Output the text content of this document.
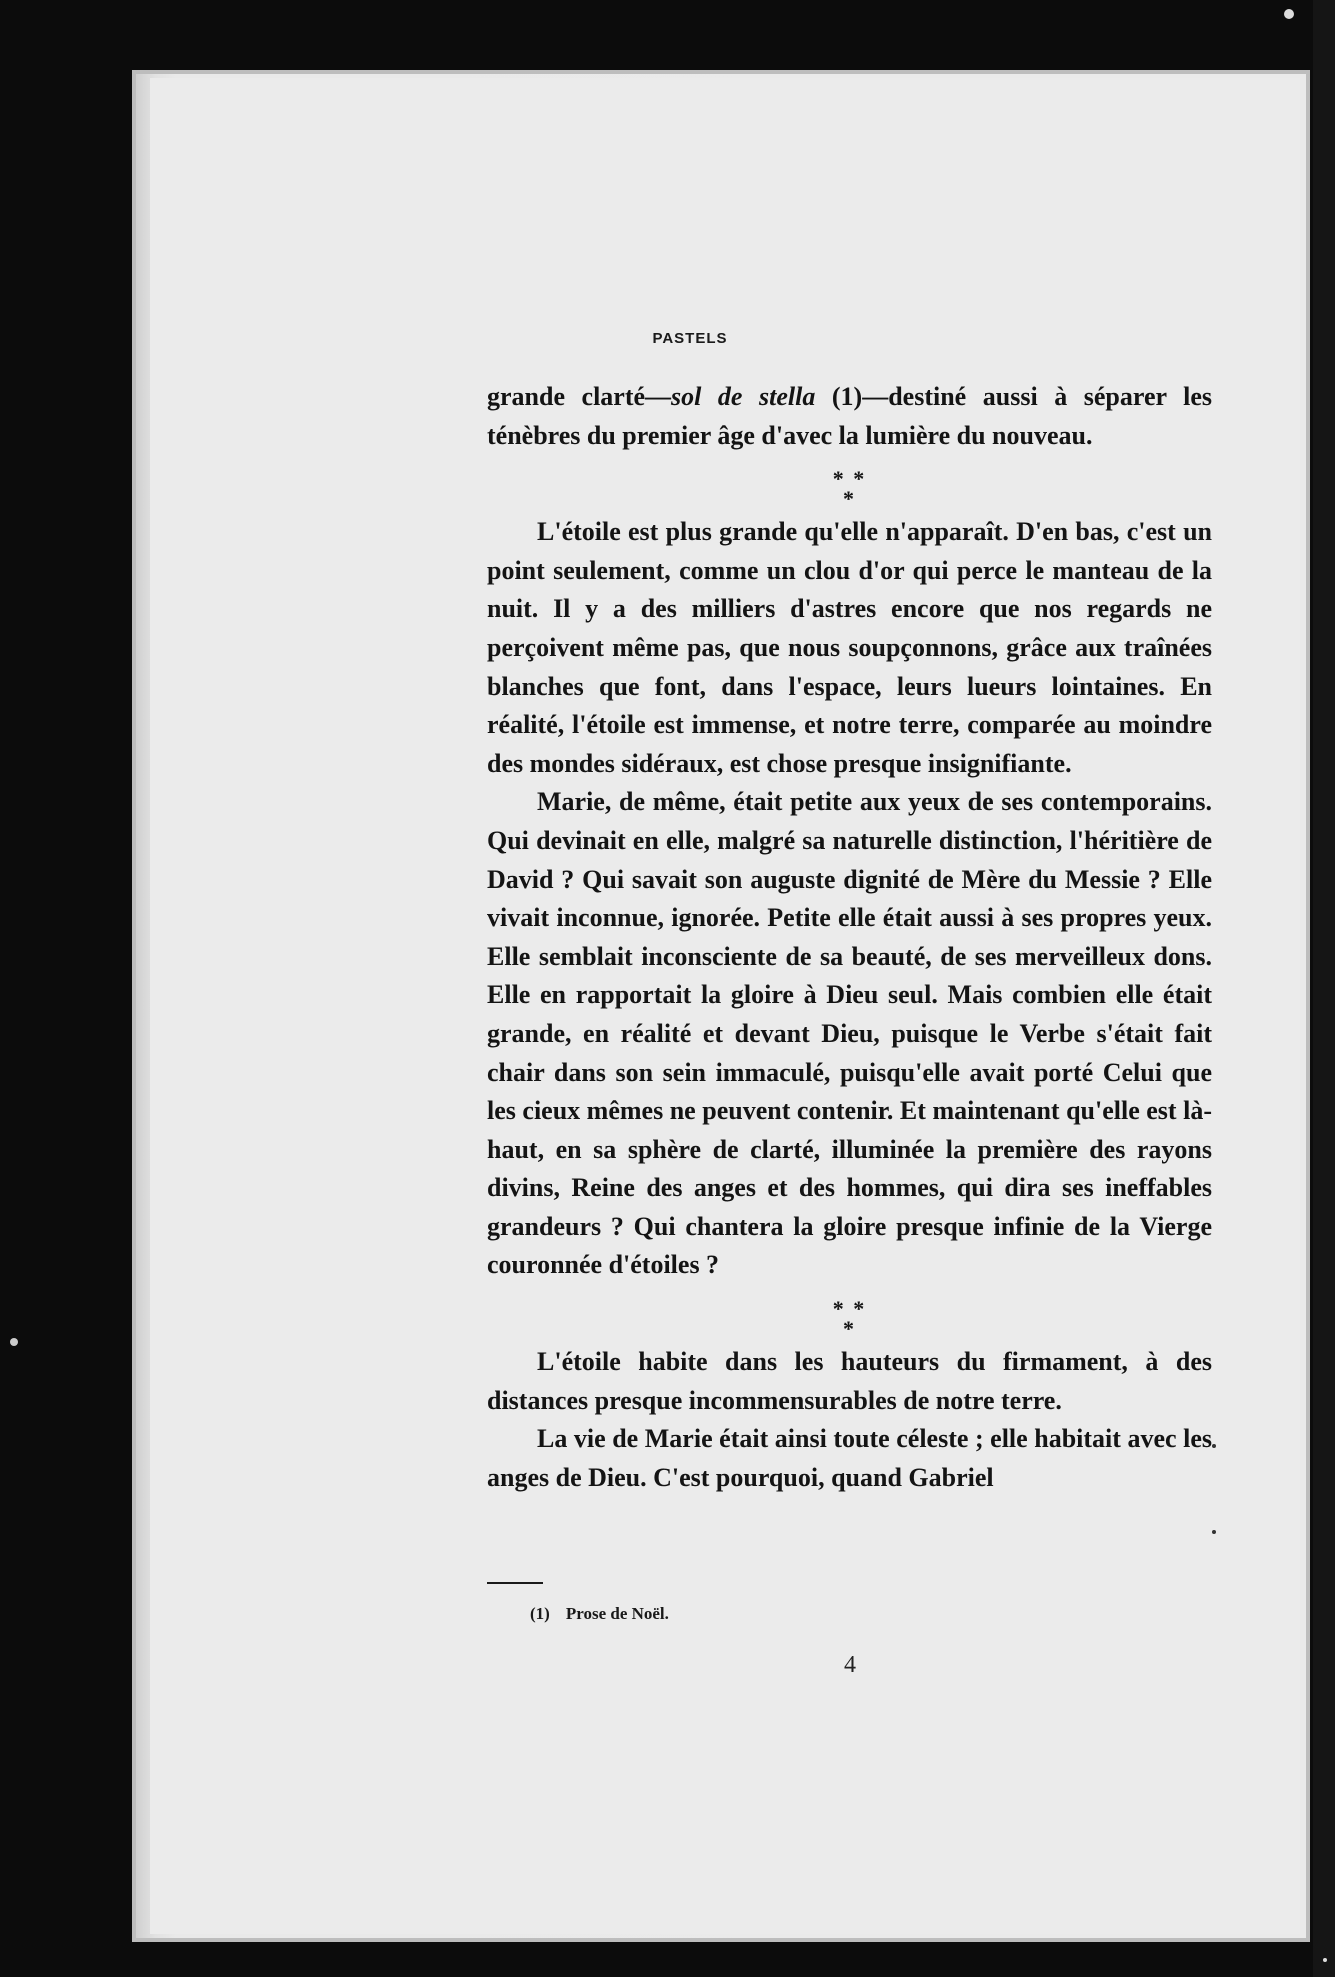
PASTELS

grande clarté—sol de stella (1)—destiné aussi à séparer les ténèbres du premier âge d'avec la lumière du nouveau.

* *
*

L'étoile est plus grande qu'elle n'apparaît. D'en bas, c'est un point seulement, comme un clou d'or qui perce le manteau de la nuit. Il y a des milliers d'astres encore que nos regards ne perçoivent même pas, que nous soupçonnons, grâce aux traînées blanches que font, dans l'espace, leurs lueurs lointaines. En réalité, l'étoile est immense, et notre terre, comparée au moindre des mondes sidéraux, est chose presque insignifiante.

Marie, de même, était petite aux yeux de ses contemporains. Qui devinait en elle, malgré sa naturelle distinction, l'héritière de David ? Qui savait son auguste dignité de Mère du Messie ? Elle vivait inconnue, ignorée. Petite elle était aussi à ses propres yeux. Elle semblait inconsciente de sa beauté, de ses merveilleux dons. Elle en rapportait la gloire à Dieu seul. Mais combien elle était grande, en réalité et devant Dieu, puisque le Verbe s'était fait chair dans son sein immaculé, puisqu'elle avait porté Celui que les cieux mêmes ne peuvent contenir. Et maintenant qu'elle est là-haut, en sa sphère de clarté, illuminée la première des rayons divins, Reine des anges et des hommes, qui dira ses ineffables grandeurs ? Qui chantera la gloire presque infinie de la Vierge couronnée d'étoiles ?

* *
*

L'étoile habite dans les hauteurs du firmament, à des distances presque incommensurables de notre terre.

La vie de Marie était ainsi toute céleste ; elle habitait avec les anges de Dieu. C'est pourquoi, quand Gabriel

(1) Prose de Noël.
4
